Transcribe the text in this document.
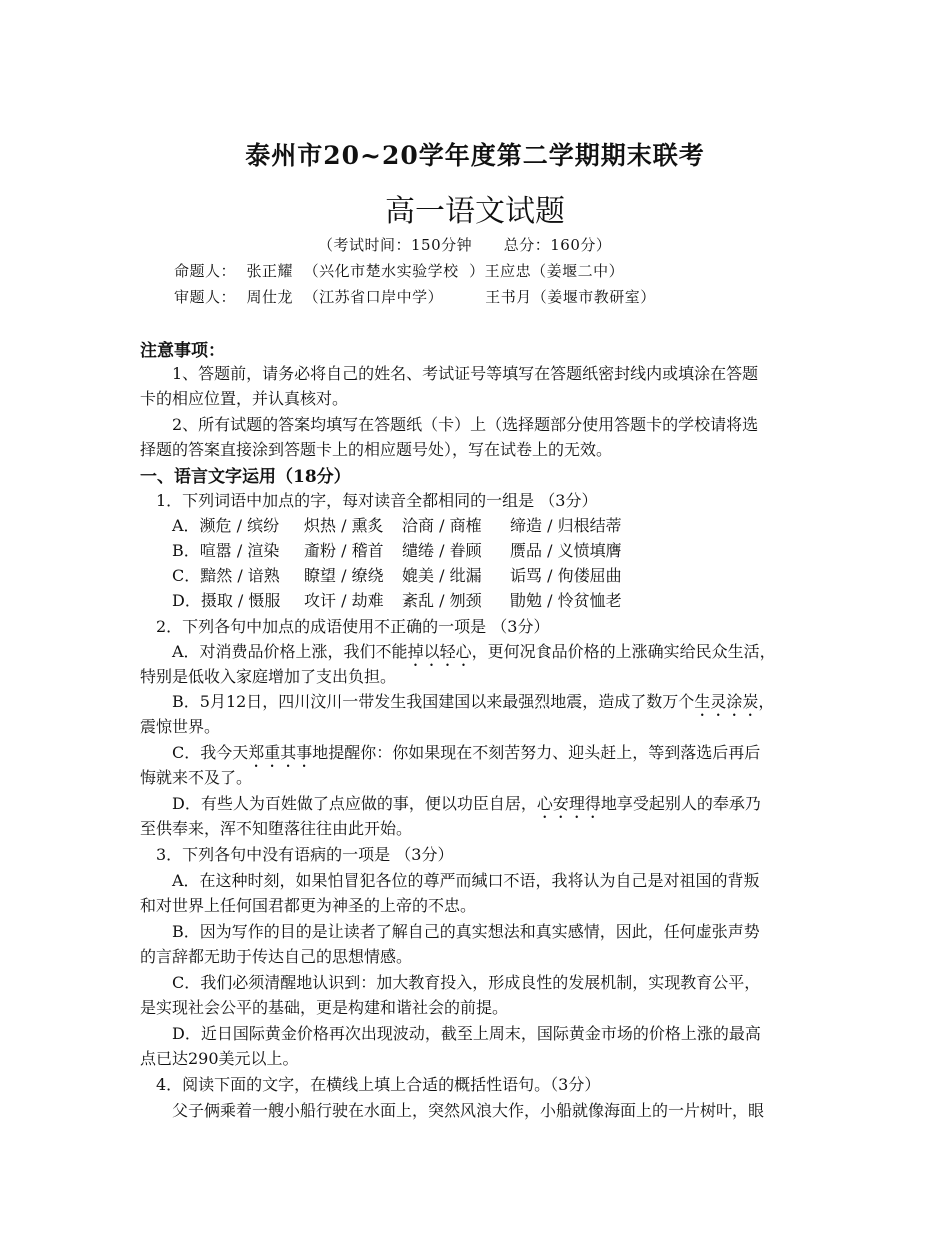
泰州市20~20学年度第二学期期末联考
高一语文试题
（考试时间：150分钟      总分：160分）
命题人：  张正耀  （兴化市楚水实验学校  ）王应忠（姜堰二中）
审题人：  周仕龙  （江苏省口岸中学）        王书月（姜堰市教研室）
注意事项：
1、答题前，请务必将自己的姓名、考试证号等填写在答题纸密封线内或填涂在答题
卡的相应位置，并认真核对。
2、所有试题的答案均填写在答题纸（卡）上（选择题部分使用答题卡的学校请将选
择题的答案直接涂到答题卡上的相应题号处），写在试卷上的无效。
一、语言文字运用（18分）
1．下列词语中加点的字，每对读音全都相同的一组是 （3分）
A．濒危 / 缤纷 炽热 / 熏炙 洽商 / 商榷 缔造 / 归根结蒂
B．喧嚣 / 渲染 齑粉 / 稽首 缱绻 / 眷顾 赝品 / 义愤填膺
C．黯然 / 谙熟 瞭望 / 缭绕 媲美 / 纰漏 诟骂 / 佝偻屈曲
D．摄取 / 慑服 攻讦 / 劫难 紊乱 / 刎颈 勖勉 / 怜贫恤老
2．下列各句中加点的成语使用不正确的一项是 （3分）
A．对消费品价格上涨，我们不能掉以轻心，更何况食品价格的上涨确实给民众生活，
特别是低收入家庭增加了支出负担。
B．5月12日，四川汶川一带发生我国建国以来最强烈地震，造成了数万个生灵涂炭，
震惊世界。
C．我今天郑重其事地提醒你：你如果现在不刻苦努力、迎头赶上，等到落选后再后
悔就来不及了。
D．有些人为百姓做了点应做的事，便以功臣自居，心安理得地享受起别人的奉承乃
至供奉来，浑不知堕落往往由此开始。
3．下列各句中没有语病的一项是 （3分）
A．在这种时刻，如果怕冒犯各位的尊严而缄口不语，我将认为自己是对祖国的背叛
和对世界上任何国君都更为神圣的上帝的不忠。
B．因为写作的目的是让读者了解自己的真实想法和真实感情，因此，任何虚张声势
的言辞都无助于传达自己的思想情感。
C．我们必须清醒地认识到：加大教育投入，形成良性的发展机制，实现教育公平，
是实现社会公平的基础，更是构建和谐社会的前提。
D．近日国际黄金价格再次出现波动，截至上周末，国际黄金市场的价格上涨的最高
点已达290美元以上。
4．阅读下面的文字，在横线上填上合适的概括性语句。（3分）
父子俩乘着一艘小船行驶在水面上，突然风浪大作，小船就像海面上的一片树叶，眼
